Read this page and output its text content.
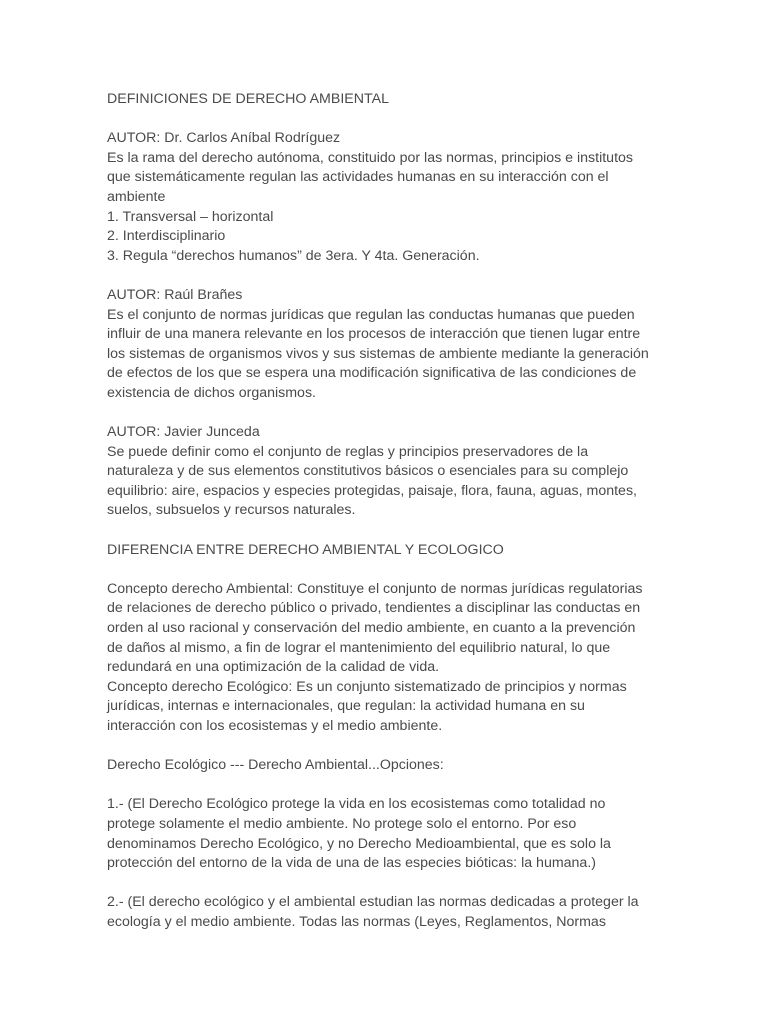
DEFINICIONES DE DERECHO AMBIENTAL

AUTOR: Dr. Carlos Aníbal Rodríguez

Es la rama del derecho autónoma, constituido por las normas, principios e institutos
que sistemáticamente regulan las actividades humanas en su interacción con el
ambiente

1. Transversal – horizontal

2. Interdisciplinario

3. Regula “derechos humanos” de 3era. Y 4ta. Generación.

AUTOR: Raúl Brañes

Es el conjunto de normas jurídicas que regulan las conductas humanas que pueden
influir de una manera relevante en los procesos de interacción que tienen lugar entre
los sistemas de organismos vivos y sus sistemas de ambiente mediante la generación
de efectos de los que se espera una modificación significativa de las condiciones de
existencia de dichos organismos.

AUTOR: Javier Junceda

Se puede definir como el conjunto de reglas y principios preservadores de la
naturaleza y de sus elementos constitutivos básicos o esenciales para su complejo
equilibrio: aire, espacios y especies protegidas, paisaje, flora, fauna, aguas, montes,
suelos, subsuelos y recursos naturales.

DIFERENCIA ENTRE DERECHO AMBIENTAL Y ECOLOGICO

Concepto derecho Ambiental: Constituye el conjunto de normas jurídicas regulatorias
de relaciones de derecho público o privado, tendientes a disciplinar las conductas en
orden al uso racional y conservación del medio ambiente, en cuanto a la prevención
de daños al mismo, a fin de lograr el mantenimiento del equilibrio natural, lo que
redundará en una optimización de la calidad de vida.

Concepto derecho Ecológico: Es un conjunto sistematizado de principios y normas
jurídicas, internas e internacionales, que regulan: la actividad humana en su
interacción con los ecosistemas y el medio ambiente.

Derecho Ecológico --- Derecho Ambiental...Opciones:

1.- (El Derecho Ecológico protege la vida en los ecosistemas como totalidad no
protege solamente el medio ambiente. No protege solo el entorno. Por eso
denominamos Derecho Ecológico, y no Derecho Medioambiental, que es solo la
protección del entorno de la vida de una de las especies bióticas: la humana.)

2.- (El derecho ecológico y el ambiental estudian las normas dedicadas a proteger la
ecología y el medio ambiente. Todas las normas (Leyes, Reglamentos, Normas
